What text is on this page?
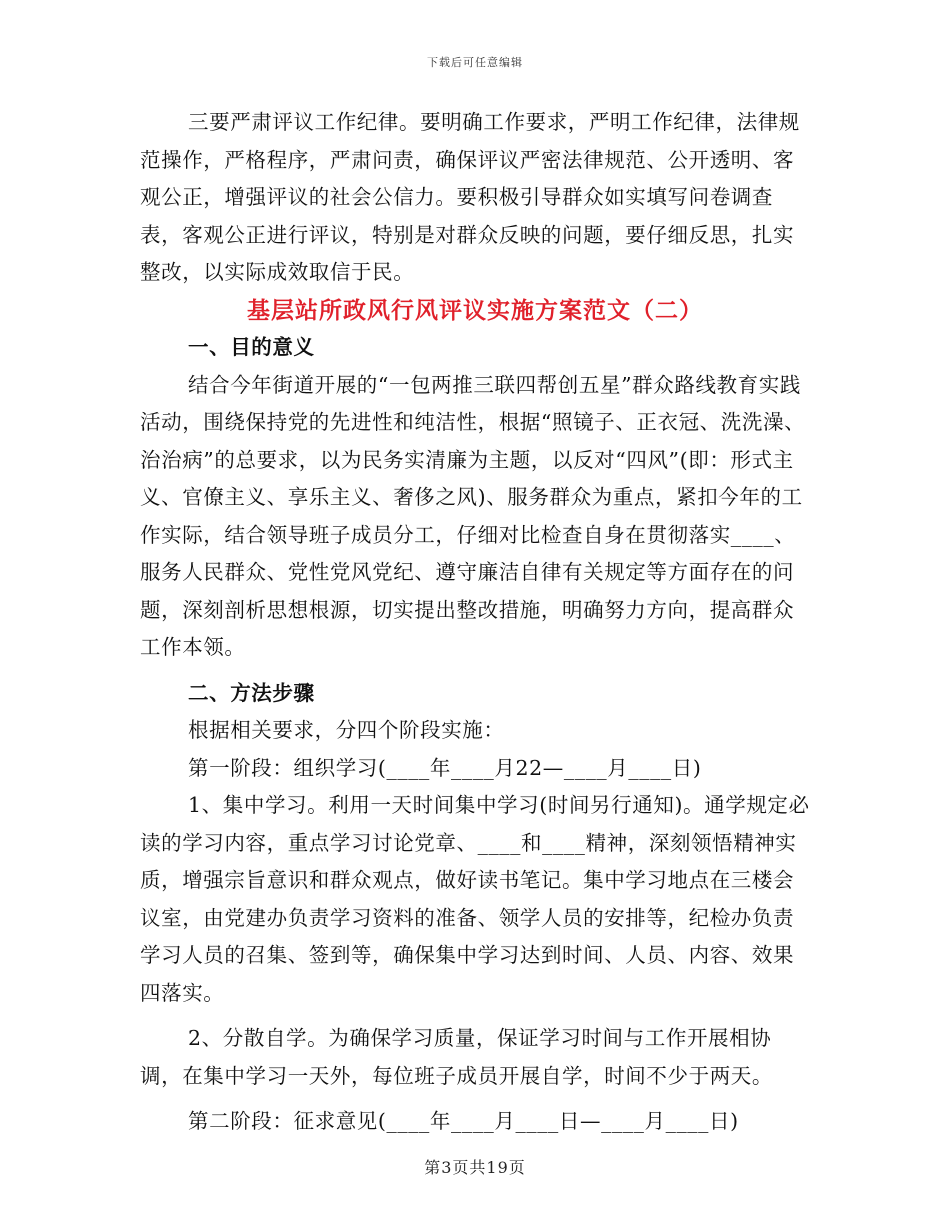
下载后可任意编辑

三要严肃评议工作纪律。要明确工作要求，严明工作纪律，法律规范操作，严格程序，严肃问责，确保评议严密法律规范、公开透明、客观公正，增强评议的社会公信力。要积极引导群众如实填写问卷调查表，客观公正进行评议，特别是对群众反映的问题，要仔细反思，扎实整改，以实际成效取信于民。

基层站所政风行风评议实施方案范文（二）

一、目的意义

结合今年街道开展的“一包两推三联四帮创五星”群众路线教育实践活动，围绕保持党的先进性和纯洁性，根据“照镜子、正衣冠、洗洗澡、治治病”的总要求，以为民务实清廉为主题，以反对“四风”(即：形式主义、官僚主义、享乐主义、奢侈之风)、服务群众为重点，紧扣今年的工作实际，结合领导班子成员分工，仔细对比检查自身在贯彻落实____、服务人民群众、党性党风党纪、遵守廉洁自律有关规定等方面存在的问题，深刻剖析思想根源，切实提出整改措施，明确努力方向，提高群众工作本领。

二、方法步骤

根据相关要求，分四个阶段实施：

第一阶段：组织学习(____年____月22—____月____日)

1、集中学习。利用一天时间集中学习(时间另行通知)。通学规定必读的学习内容，重点学习讨论党章、____和____精神，深刻领悟精神实质，增强宗旨意识和群众观点，做好读书笔记。集中学习地点在三楼会议室，由党建办负责学习资料的准备、领学人员的安排等，纪检办负责学习人员的召集、签到等，确保集中学习达到时间、人员、内容、效果四落实。

2、分散自学。为确保学习质量，保证学习时间与工作开展相协调，在集中学习一天外，每位班子成员开展自学，时间不少于两天。

第二阶段：征求意见(____年____月____日—____月____日)

第3页共19页
